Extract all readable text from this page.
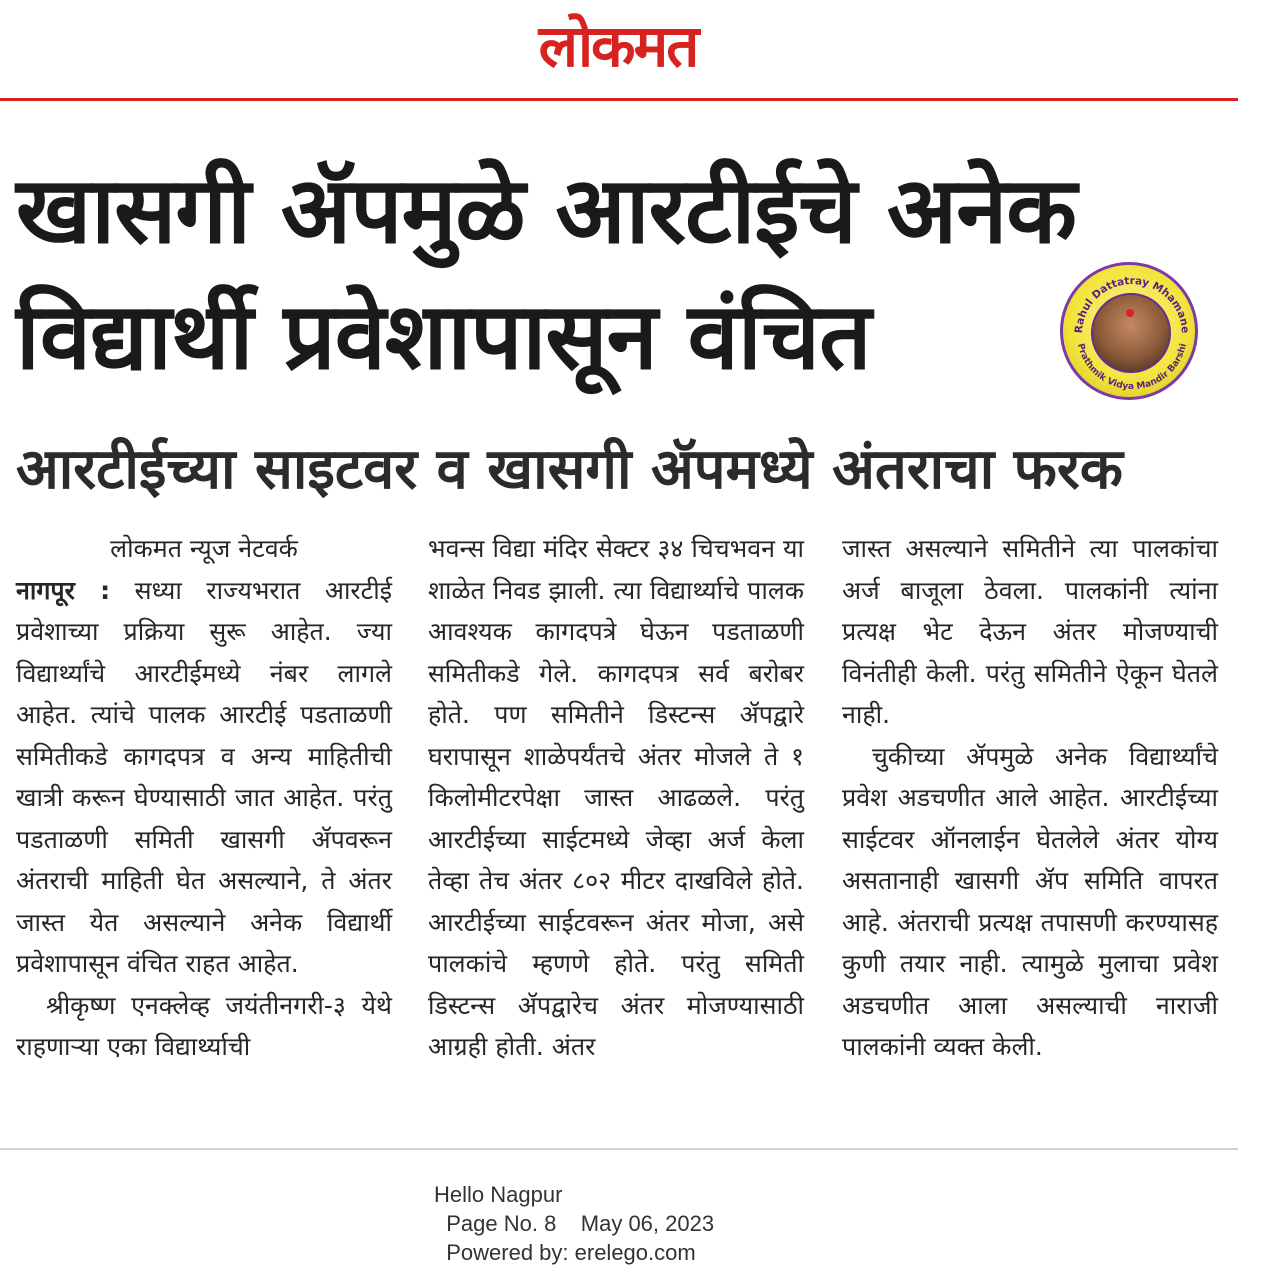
लोकमत
खासगी ॲपमुळे आरटीईचे अनेक
विद्यार्थी प्रवेशापासून वंचित	Rahul Dattatray Mhamane
Prathmik Vidya Mandir Barshi
आरटीईच्या साइटवर व खासगी ॲपमध्ये अंतराचा फरक

लोकमत न्यूज नेटवर्क

नागपूर : सध्या राज्यभरात आरटीई प्रवेशाच्या प्रक्रिया सुरू आहेत. ज्या विद्यार्थ्यांचे आरटीईमध्ये नंबर लागले आहेत. त्यांचे पालक आरटीई पडताळणी समितीकडे कागदपत्र व अन्य माहितीची खात्री करून घेण्यासाठी जात आहेत. परंतु पडताळणी समिती खासगी ॲपवरून अंतराची माहिती घेत असल्याने, ते अंतर जास्त येत असल्याने अनेक विद्यार्थी प्रवेशापासून वंचित राहत आहेत.

श्रीकृष्ण एनक्लेव्ह जयंतीनगरी-३ येथे राहणाऱ्या एका विद्यार्थ्याची

भवन्स विद्या मंदिर सेक्टर ३४ चिचभवन या शाळेत निवड झाली. त्या विद्यार्थ्याचे पालक आवश्यक कागदपत्रे घेऊन पडताळणी समितीकडे गेले. कागदपत्र सर्व बरोबर होते. पण समितीने डिस्टन्स ॲपद्वारे घरापासून शाळेपर्यंतचे अंतर मोजले ते १ किलोमीटरपेक्षा जास्त आढळले. परंतु आरटीईच्या साईटमध्ये जेव्हा अर्ज केला तेव्हा तेच अंतर ८०२ मीटर दाखविले होते. आरटीईच्या साईटवरून अंतर मोजा, असे पालकांचे म्हणणे होते. परंतु समिती डिस्टन्स ॲपद्वारेच अंतर मोजण्यासाठी आग्रही होती. अंतर

जास्त असल्याने समितीने त्या पालकांचा अर्ज बाजूला ठेवला. पालकांनी त्यांना प्रत्यक्ष भेट देऊन अंतर मोजण्याची विनंतीही केली. परंतु समितीने ऐकून घेतले नाही.

चुकीच्या ॲपमुळे अनेक विद्यार्थ्यांचे प्रवेश अडचणीत आले आहेत. आरटीईच्या साईटवर ऑनलाईन घेतलेले अंतर योग्य असतानाही खासगी ॲप समिति वापरत आहे. अंतराची प्रत्यक्ष तपासणी करण्यासह कुणी तयार नाही. त्यामुळे मुलाचा प्रवेश अडचणीत आला असल्याची नाराजी पालकांनी व्यक्त केली.

Hello Nagpur
Page No. 8 May 06, 2023
Powered by: erelego.com
